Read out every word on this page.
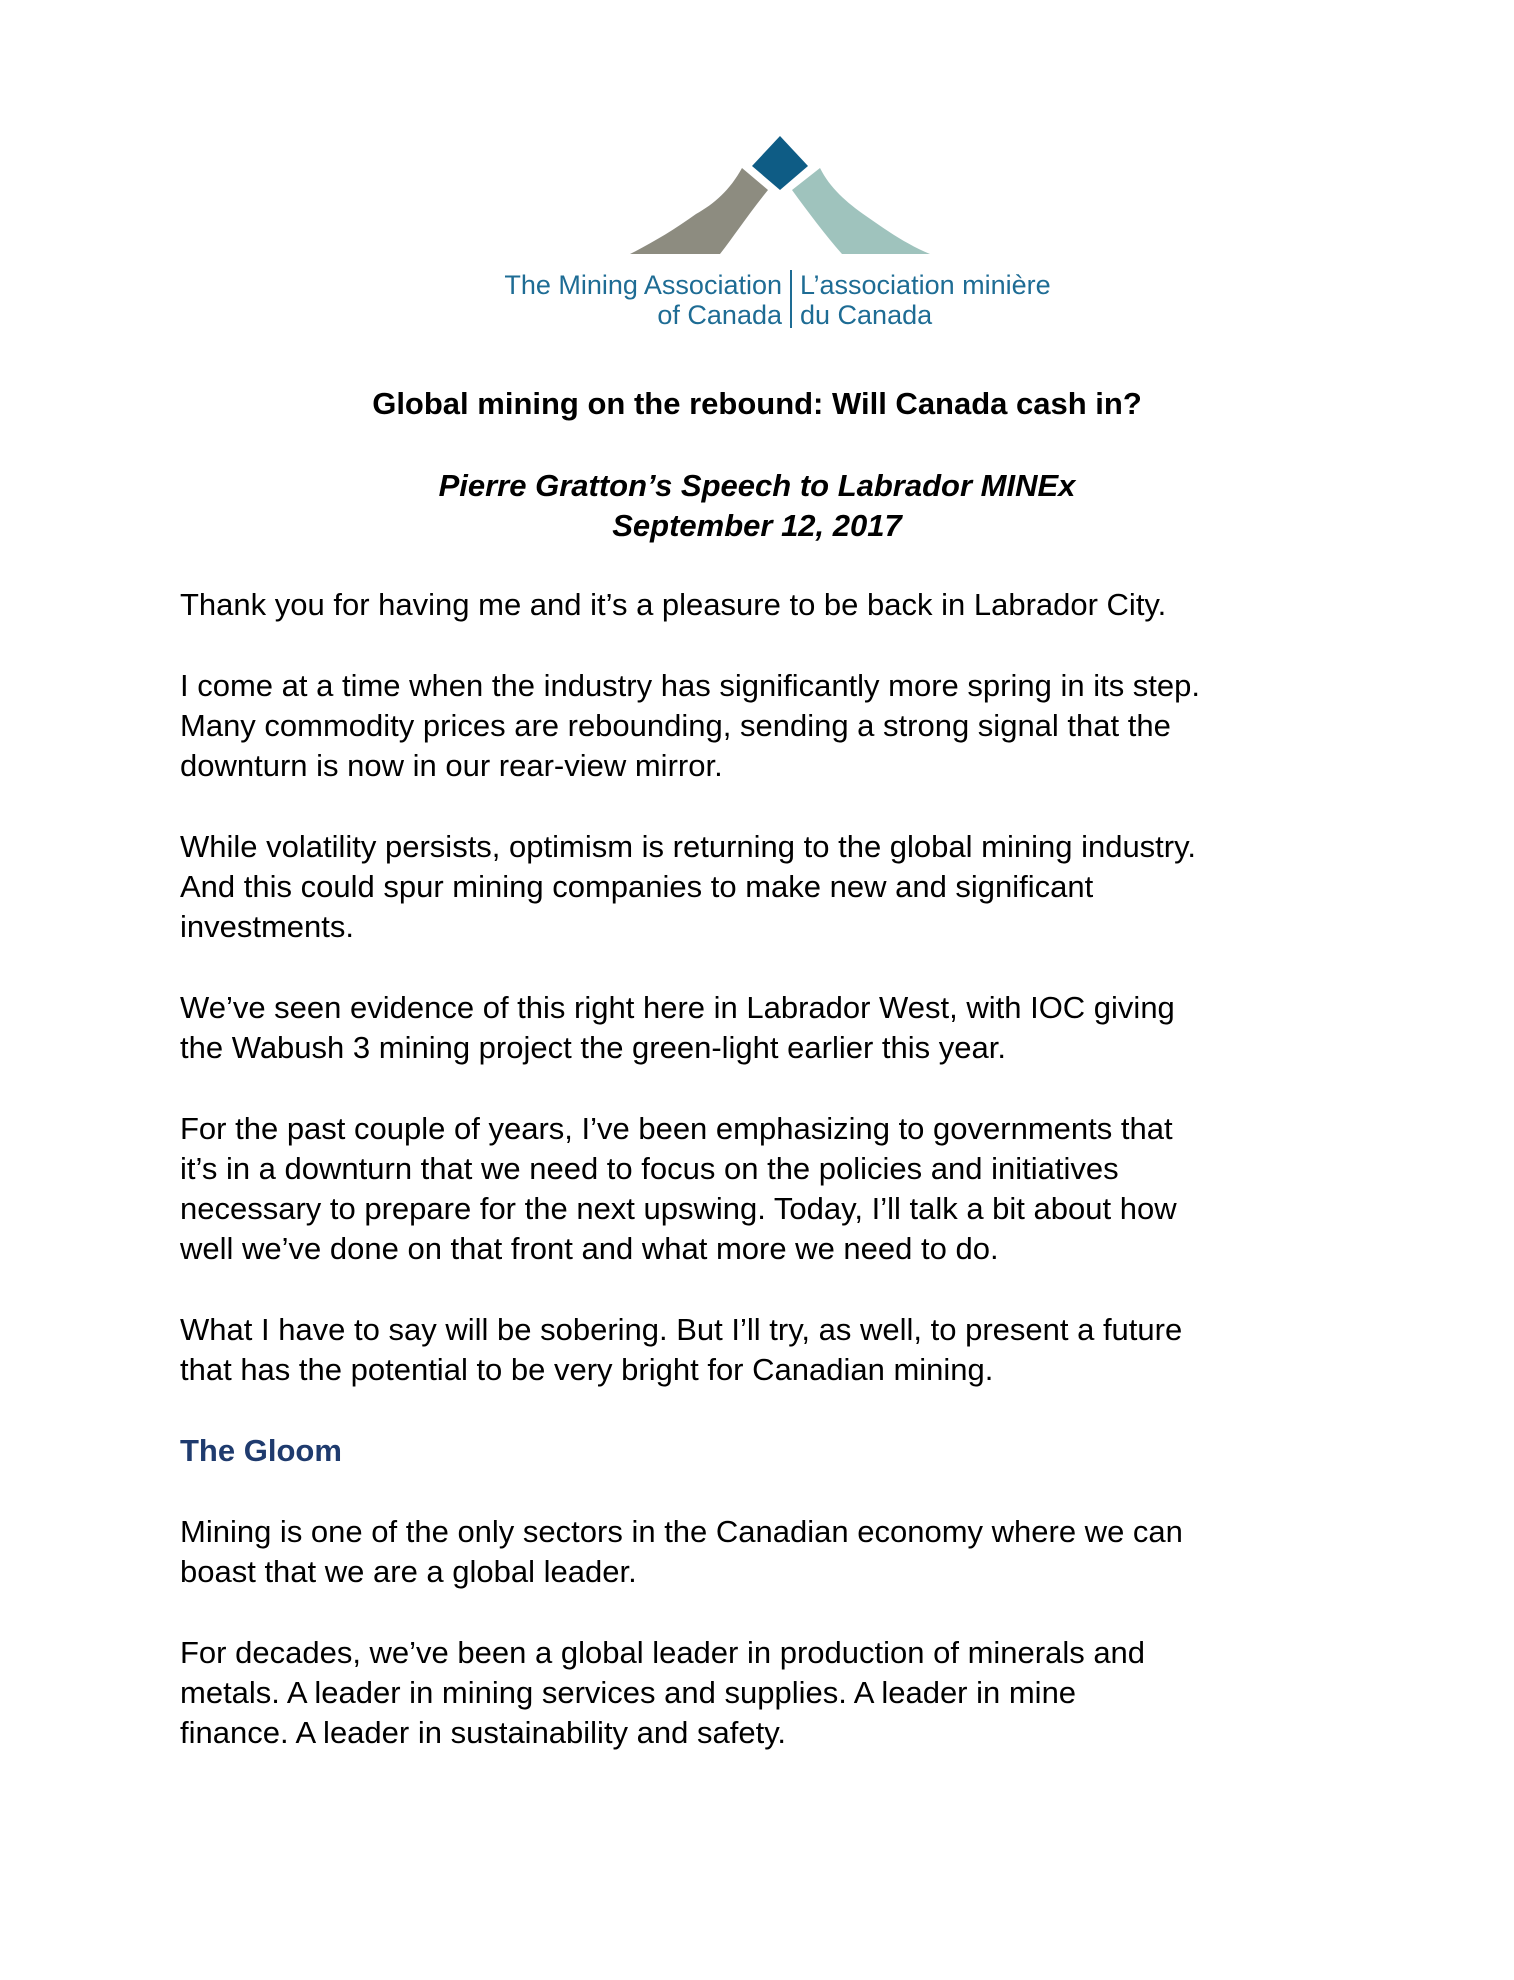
The Mining Association
of Canada
L’association minière
du Canada
Global mining on the rebound: Will Canada cash in?
Pierre Gratton’s Speech to Labrador MINEx
September 12, 2017

Thank you for having me and it’s a pleasure to be back in Labrador City.

I come at a time when the industry has significantly more spring in its step.
Many commodity prices are rebounding, sending a strong signal that the
downturn is now in our rear-view mirror.

While volatility persists, optimism is returning to the global mining industry.
And this could spur mining companies to make new and significant
investments.

We’ve seen evidence of this right here in Labrador West, with IOC giving
the Wabush 3 mining project the green-light earlier this year.

For the past couple of years, I’ve been emphasizing to governments that
it’s in a downturn that we need to focus on the policies and initiatives
necessary to prepare for the next upswing. Today, I’ll talk a bit about how
well we’ve done on that front and what more we need to do.

What I have to say will be sobering. But I’ll try, as well, to present a future
that has the potential to be very bright for Canadian mining.

The Gloom

Mining is one of the only sectors in the Canadian economy where we can
boast that we are a global leader.

For decades, we’ve been a global leader in production of minerals and
metals. A leader in mining services and supplies. A leader in mine
finance. A leader in sustainability and safety.
